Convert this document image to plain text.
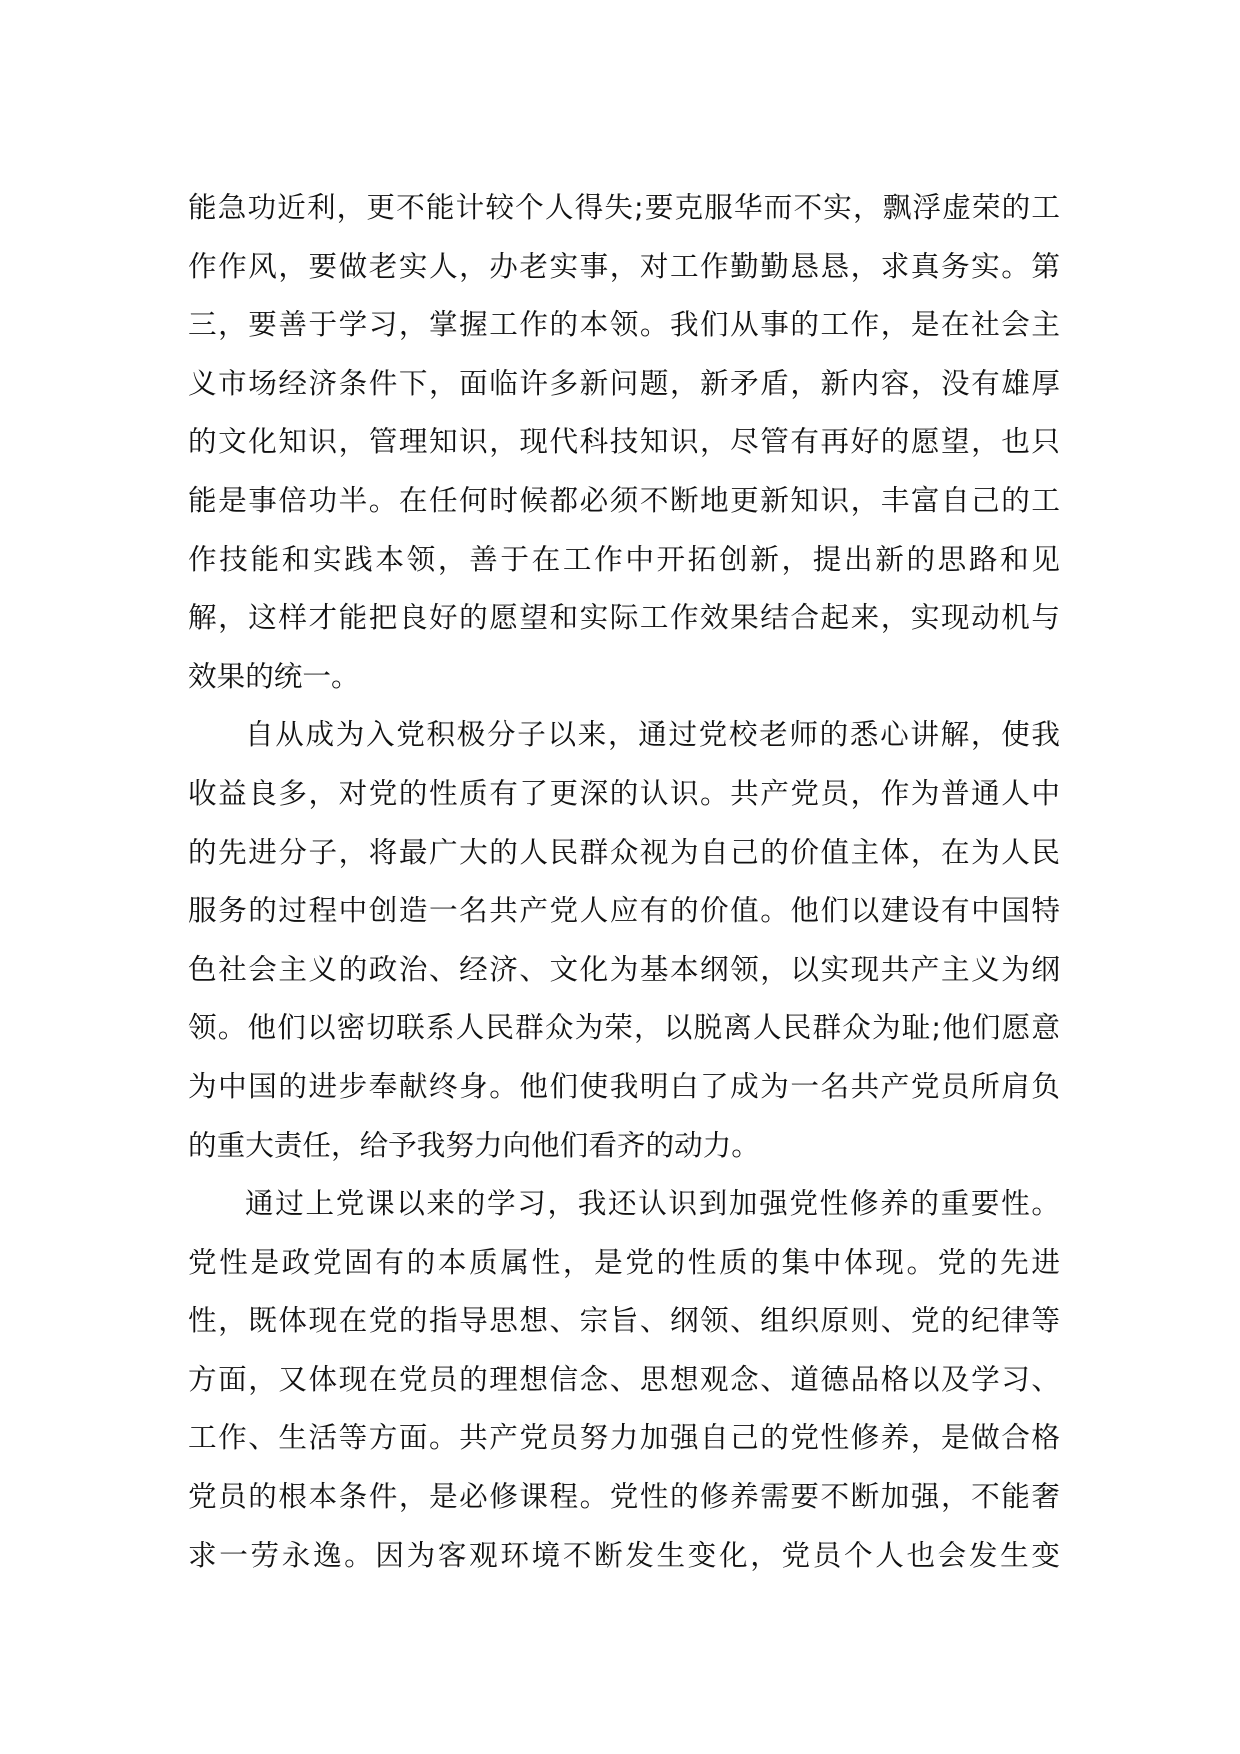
能急功近利，更不能计较个人得失;要克服华而不实，飘浮虚荣的工
作作风，要做老实人，办老实事，对工作勤勤恳恳，求真务实。第
三，要善于学习，掌握工作的本领。我们从事的工作，是在社会主
义市场经济条件下，面临许多新问题，新矛盾，新内容，没有雄厚
的文化知识，管理知识，现代科技知识，尽管有再好的愿望，也只
能是事倍功半。在任何时候都必须不断地更新知识，丰富自己的工
作技能和实践本领，善于在工作中开拓创新，提出新的思路和见
解，这样才能把良好的愿望和实际工作效果结合起来，实现动机与
效果的统一。
自从成为入党积极分子以来，通过党校老师的悉心讲解，使我
收益良多，对党的性质有了更深的认识。共产党员，作为普通人中
的先进分子，将最广大的人民群众视为自己的价值主体，在为人民
服务的过程中创造一名共产党人应有的价值。他们以建设有中国特
色社会主义的政治、经济、文化为基本纲领，以实现共产主义为纲
领。他们以密切联系人民群众为荣，以脱离人民群众为耻;他们愿意
为中国的进步奉献终身。他们使我明白了成为一名共产党员所肩负
的重大责任，给予我努力向他们看齐的动力。
通过上党课以来的学习，我还认识到加强党性修养的重要性。
党性是政党固有的本质属性，是党的性质的集中体现。党的先进
性，既体现在党的指导思想、宗旨、纲领、组织原则、党的纪律等
方面，又体现在党员的理想信念、思想观念、道德品格以及学习、
工作、生活等方面。共产党员努力加强自己的党性修养，是做合格
党员的根本条件，是必修课程。党性的修养需要不断加强，不能奢
求一劳永逸。因为客观环境不断发生变化，党员个人也会发生变
